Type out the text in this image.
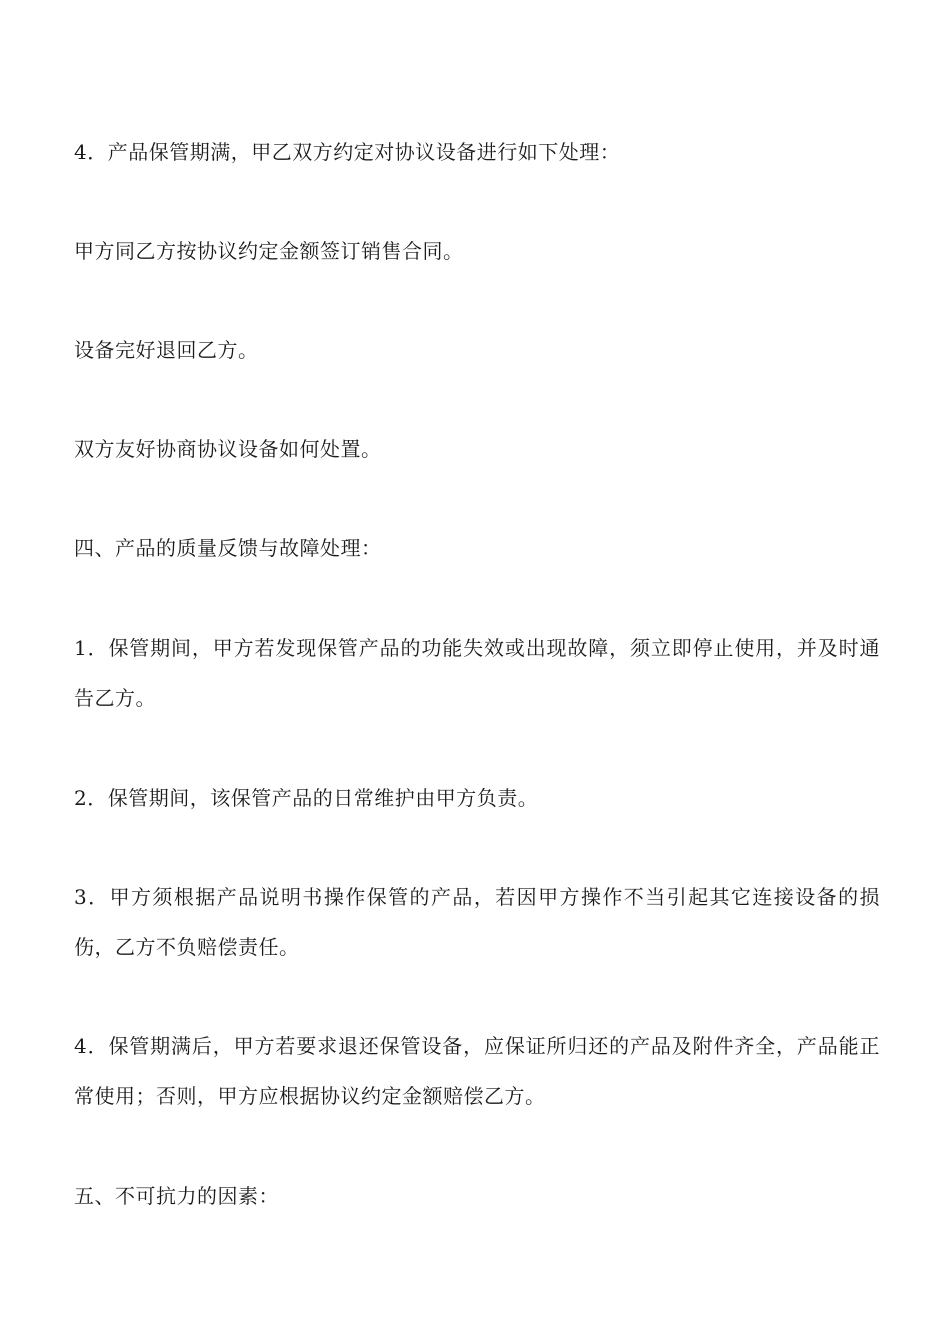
4．产品保管期满，甲乙双方约定对协议设备进行如下处理：

甲方同乙方按协议约定金额签订销售合同。

设备完好退回乙方。

双方友好协商协议设备如何处置。

四、产品的质量反馈与故障处理：

1．保管期间，甲方若发现保管产品的功能失效或出现故障，须立即停止使用，并及时通告乙方。

2．保管期间，该保管产品的日常维护由甲方负责。

3．甲方须根据产品说明书操作保管的产品，若因甲方操作不当引起其它连接设备的损伤，乙方不负赔偿责任。

4．保管期满后，甲方若要求退还保管设备，应保证所归还的产品及附件齐全，产品能正常使用；否则，甲方应根据协议约定金额赔偿乙方。

五、不可抗力的因素：
